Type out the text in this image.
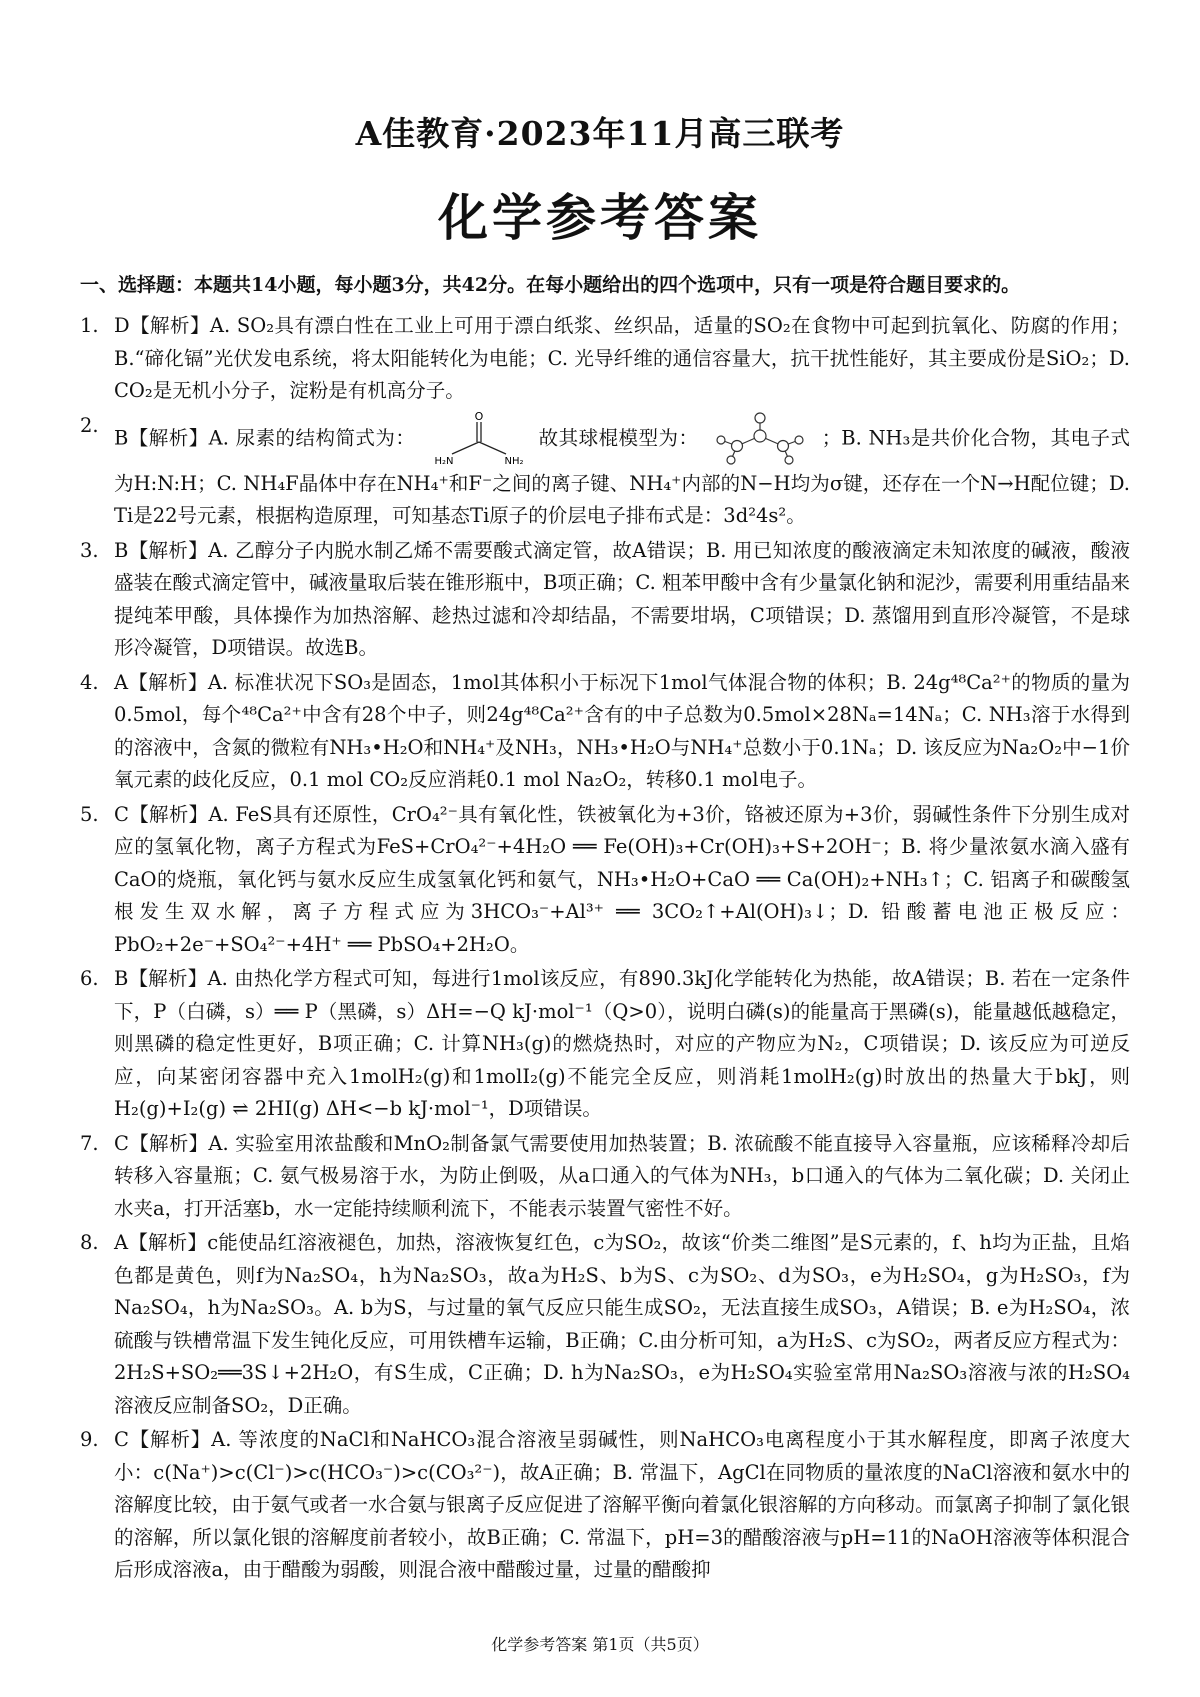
A佳教育·2023年11月高三联考
化学参考答案
一、选择题：本题共14小题，每小题3分，共42分。在每小题给出的四个选项中，只有一项是符合题目要求的。
1. D【解析】A. SO₂具有漂白性在工业上可用于漂白纸浆、丝织品，适量的SO₂在食物中可起到抗氧化、防腐的作用；B.“碲化镉”光伏发电系统，将太阳能转化为电能；C. 光导纤维的通信容量大，抗干扰性能好，其主要成份是SiO₂；D. CO₂是无机小分子，淀粉是有机高分子。
2.
B【解析】A. 尿素的结构简式为：
O
H₂N	NH₂
故其球棍模型为：	；B. NH₃是共价化合物，其电子式为H:N:H；C. NH₄F晶体中存在NH₄⁺和F⁻之间的离子键、NH₄⁺内部的N−H均为σ键，还存在一个N→H配位键；D. Ti是22号元素，根据构造原理，可知基态Ti原子的价层电子排布式是：3d²4s²。
3. B【解析】A. 乙醇分子内脱水制乙烯不需要酸式滴定管，故A错误；B. 用已知浓度的酸液滴定未知浓度的碱液，酸液盛装在酸式滴定管中，碱液量取后装在锥形瓶中，B项正确；C. 粗苯甲酸中含有少量氯化钠和泥沙，需要利用重结晶来提纯苯甲酸，具体操作为加热溶解、趁热过滤和冷却结晶，不需要坩埚，C项错误；D. 蒸馏用到直形冷凝管，不是球形冷凝管，D项错误。故选B。
4. A【解析】A. 标准状况下SO₃是固态，1mol其体积小于标况下1mol气体混合物的体积；B. 24g⁴⁸Ca²⁺的物质的量为0.5mol，每个⁴⁸Ca²⁺中含有28个中子，则24g⁴⁸Ca²⁺含有的中子总数为0.5mol×28Nₐ=14Nₐ；C. NH₃溶于水得到的溶液中，含氮的微粒有NH₃•H₂O和NH₄⁺及NH₃，NH₃•H₂O与NH₄⁺总数小于0.1Nₐ；D. 该反应为Na₂O₂中−1价氧元素的歧化反应，0.1 mol CO₂反应消耗0.1 mol Na₂O₂，转移0.1 mol电子。
5. C【解析】A. FeS具有还原性，CrO₄²⁻具有氧化性，铁被氧化为+3价，铬被还原为+3价，弱碱性条件下分别生成对应的氢氧化物，离子方程式为FeS+CrO₄²⁻+4H₂O ══ Fe(OH)₃+Cr(OH)₃+S+2OH⁻；B. 将少量浓氨水滴入盛有CaO的烧瓶，氧化钙与氨水反应生成氢氧化钙和氨气，NH₃•H₂O+CaO ══ Ca(OH)₂+NH₃↑；C. 铝离子和碳酸氢根发生双水解，离子方程式应为3HCO₃⁻+Al³⁺ ══ 3CO₂↑+Al(OH)₃↓；D. 铅酸蓄电池正极反应：PbO₂+2e⁻+SO₄²⁻+4H⁺ ══ PbSO₄+2H₂O。
6. B【解析】A. 由热化学方程式可知，每进行1mol该反应，有890.3kJ化学能转化为热能，故A错误；B. 若在一定条件下，P（白磷，s）══ P（黑磷，s）ΔH=−Q kJ·mol⁻¹（Q>0），说明白磷(s)的能量高于黑磷(s)，能量越低越稳定，则黑磷的稳定性更好，B项正确；C. 计算NH₃(g)的燃烧热时，对应的产物应为N₂，C项错误；D. 该反应为可逆反应，向某密闭容器中充入1molH₂(g)和1molI₂(g)不能完全反应，则消耗1molH₂(g)时放出的热量大于bkJ，则H₂(g)+I₂(g) ⇌ 2HI(g) ΔH<−b kJ·mol⁻¹，D项错误。
7. C【解析】A. 实验室用浓盐酸和MnO₂制备氯气需要使用加热装置；B. 浓硫酸不能直接导入容量瓶，应该稀释冷却后转移入容量瓶；C. 氨气极易溶于水，为防止倒吸，从a口通入的气体为NH₃，b口通入的气体为二氧化碳；D. 关闭止水夹a，打开活塞b，水一定能持续顺利流下，不能表示装置气密性不好。
8. A【解析】c能使品红溶液褪色，加热，溶液恢复红色，c为SO₂，故该“价类二维图”是S元素的，f、h均为正盐，且焰色都是黄色，则f为Na₂SO₄，h为Na₂SO₃，故a为H₂S、b为S、c为SO₂、d为SO₃，e为H₂SO₄，g为H₂SO₃，f为Na₂SO₄，h为Na₂SO₃。A. b为S，与过量的氧气反应只能生成SO₂，无法直接生成SO₃，A错误；B. e为H₂SO₄，浓硫酸与铁槽常温下发生钝化反应，可用铁槽车运输，B正确；C.由分析可知，a为H₂S、c为SO₂，两者反应方程式为：2H₂S+SO₂══3S↓+2H₂O，有S生成，C正确；D. h为Na₂SO₃，e为H₂SO₄实验室常用Na₂SO₃溶液与浓的H₂SO₄溶液反应制备SO₂，D正确。
9. C【解析】A. 等浓度的NaCl和NaHCO₃混合溶液呈弱碱性，则NaHCO₃电离程度小于其水解程度，即离子浓度大小：c(Na⁺)>c(Cl⁻)>c(HCO₃⁻)>c(CO₃²⁻)，故A正确；B. 常温下，AgCl在同物质的量浓度的NaCl溶液和氨水中的溶解度比较，由于氨气或者一水合氨与银离子反应促进了溶解平衡向着氯化银溶解的方向移动。而氯离子抑制了氯化银的溶解，所以氯化银的溶解度前者较小，故B正确；C. 常温下，pH=3的醋酸溶液与pH=11的NaOH溶液等体积混合后形成溶液a，由于醋酸为弱酸，则混合液中醋酸过量，过量的醋酸抑
化学参考答案 第1页（共5页）
